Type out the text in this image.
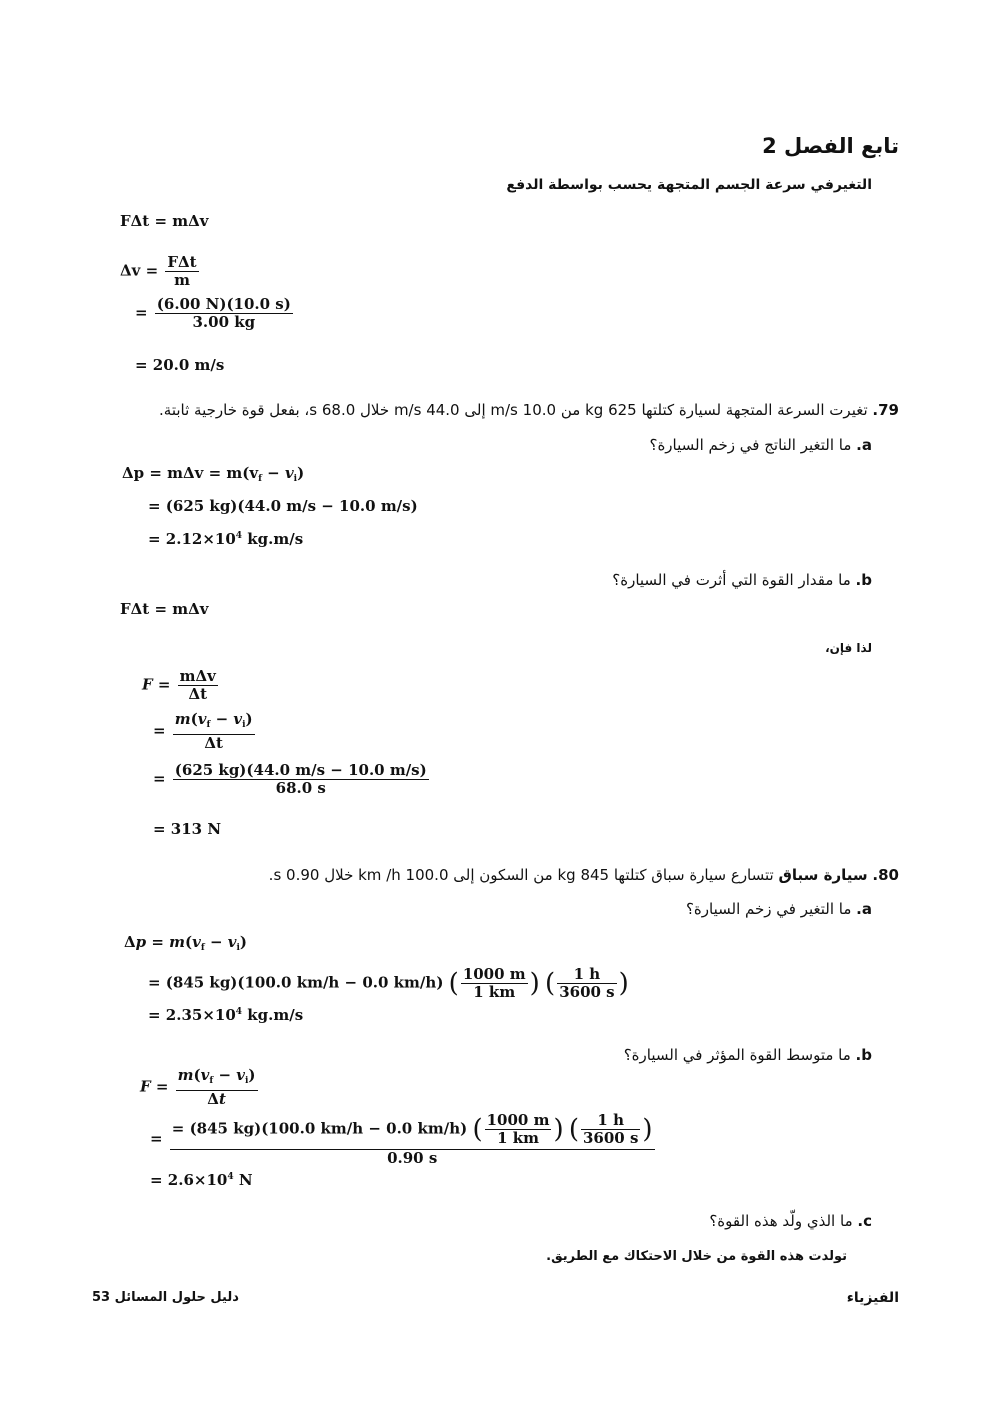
تابع الفصل 2
التغيرفي سرعة الجسم المتجهة يحسب بواسطة الدفع
FΔt = mΔv
$\Delta v = \frac{\text{FΔt}}{m}$
= $\frac{(6.00 N)(10.0 s)}{3.00 kg}$
= 20.0 m/s
79. تغيرت السرعة المتجهة لسيارة كتلتها 625 kg من 10.0 m/s إلى 44.0 m/s خلال 68.0 s، بفعل قوة خارجية ثابتة.
a. ما التغير الناتج في زخم السيارة؟
$\Delta p = m\Delta v = m(v_f - v_i)$
= (625 kg)(44.0 m/s − 10.0 m/s)
= $2.12\times 10^4$ kg.m/s
b. ما مقدار القوة التي أثرت في السيارة؟
FΔt = mΔv
لذا فإن،
$F = \frac{\text{mΔv}}{\Delta t}$
= $\frac{m(v_f - v_i)}{\Delta t}$
= $\frac{(625 kg)(44.0 m/s - 10.0 m/s)}{68.0 s}$
= 313 N
80. سيارة سباق تتسارع سيارة سباق كتلتها 845 kg من السكون إلى 100.0 km /h خلال 0.90 s.
a. ما التغير في زخم السيارة؟
$\Delta p = m(v_f - v_i)$
= (845 kg)(100.0 km/h − 0.0 km/h) ( $\frac{1000 m}{1 km}$ ) ( $\frac{1 h}{3600 s}$ )
= $2.35\times 10^4$ kg.m/s
b. ما متوسط القوة المؤثر في السيارة؟
$F = \frac{m(v_f - v_i)}{\Delta t}$
=
= (845 kg)(100.0 km/h − 0.0 km/h) ( $\frac{1000 m}{1 km}$ ) ( $\frac{1 h}{3600 s}$ )
0.90 s
= $2.6\times 10^4$ N
c. ما الذي ولّد هذه القوة؟
تولدت هذه القوة من خلال الاحتكاك مع الطريق.
دليل حلول المسائل 53	الفيزياء
